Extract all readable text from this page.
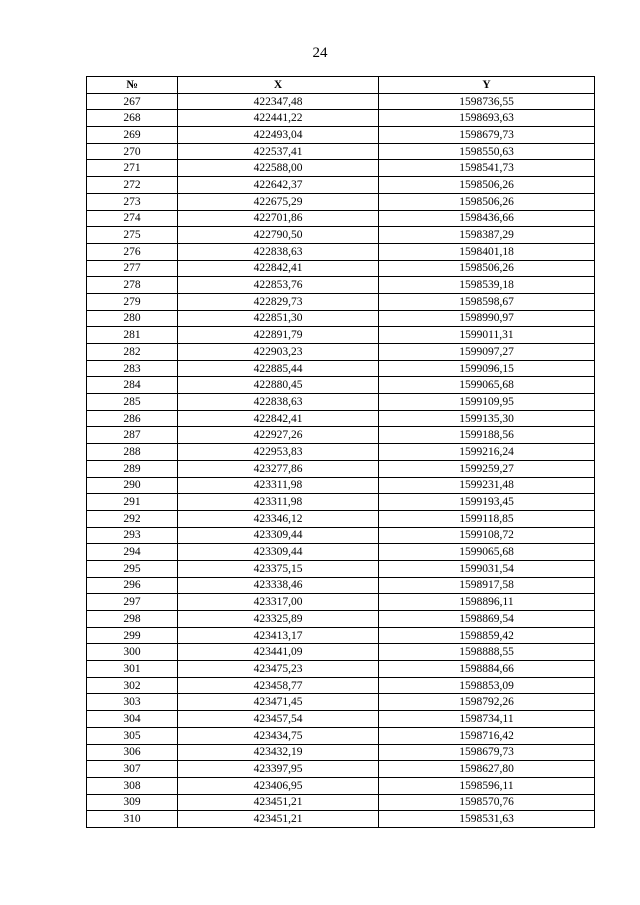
24
№	X	Y
267	422347,48	1598736,55
268	422441,22	1598693,63
269	422493,04	1598679,73
270	422537,41	1598550,63
271	422588,00	1598541,73
272	422642,37	1598506,26
273	422675,29	1598506,26
274	422701,86	1598436,66
275	422790,50	1598387,29
276	422838,63	1598401,18
277	422842,41	1598506,26
278	422853,76	1598539,18
279	422829,73	1598598,67
280	422851,30	1598990,97
281	422891,79	1599011,31
282	422903,23	1599097,27
283	422885,44	1599096,15
284	422880,45	1599065,68
285	422838,63	1599109,95
286	422842,41	1599135,30
287	422927,26	1599188,56
288	422953,83	1599216,24
289	423277,86	1599259,27
290	423311,98	1599231,48
291	423311,98	1599193,45
292	423346,12	1599118,85
293	423309,44	1599108,72
294	423309,44	1599065,68
295	423375,15	1599031,54
296	423338,46	1598917,58
297	423317,00	1598896,11
298	423325,89	1598869,54
299	423413,17	1598859,42
300	423441,09	1598888,55
301	423475,23	1598884,66
302	423458,77	1598853,09
303	423471,45	1598792,26
304	423457,54	1598734,11
305	423434,75	1598716,42
306	423432,19	1598679,73
307	423397,95	1598627,80
308	423406,95	1598596,11
309	423451,21	1598570,76
310	423451,21	1598531,63
